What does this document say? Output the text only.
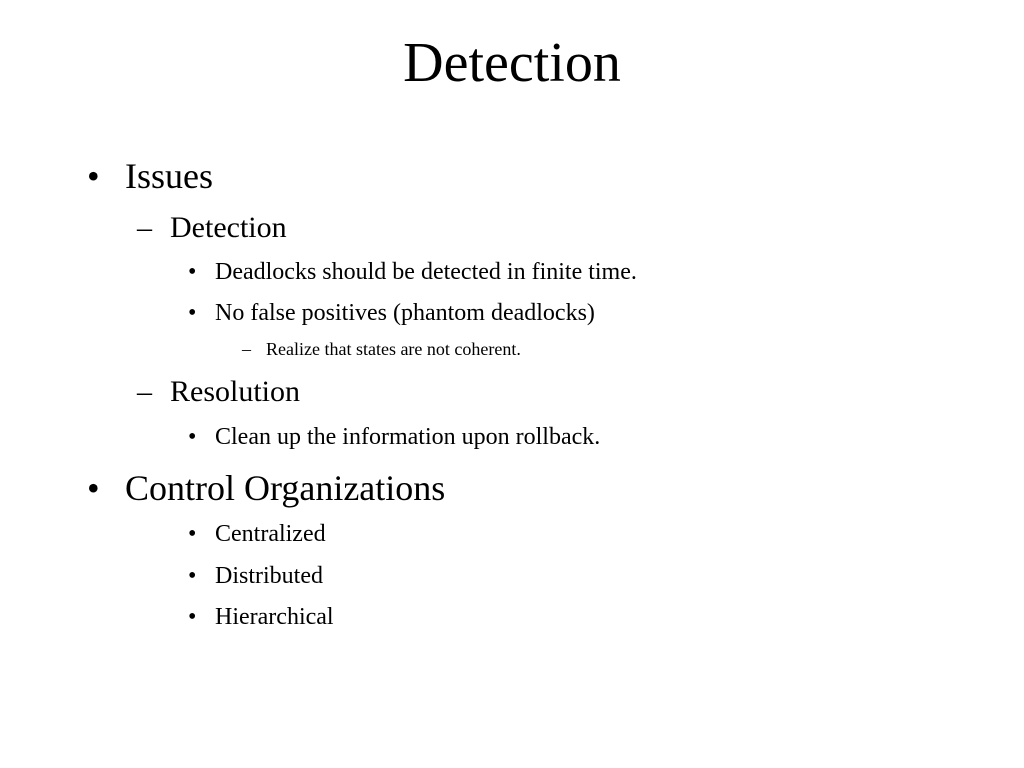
Detection
• Issues
– Detection
• Deadlocks should be detected in finite time.
• No false positives (phantom deadlocks)
– Realize that states are not coherent.
– Resolution
• Clean up the information upon rollback.
• Control Organizations
• Centralized
• Distributed
• Hierarchical
